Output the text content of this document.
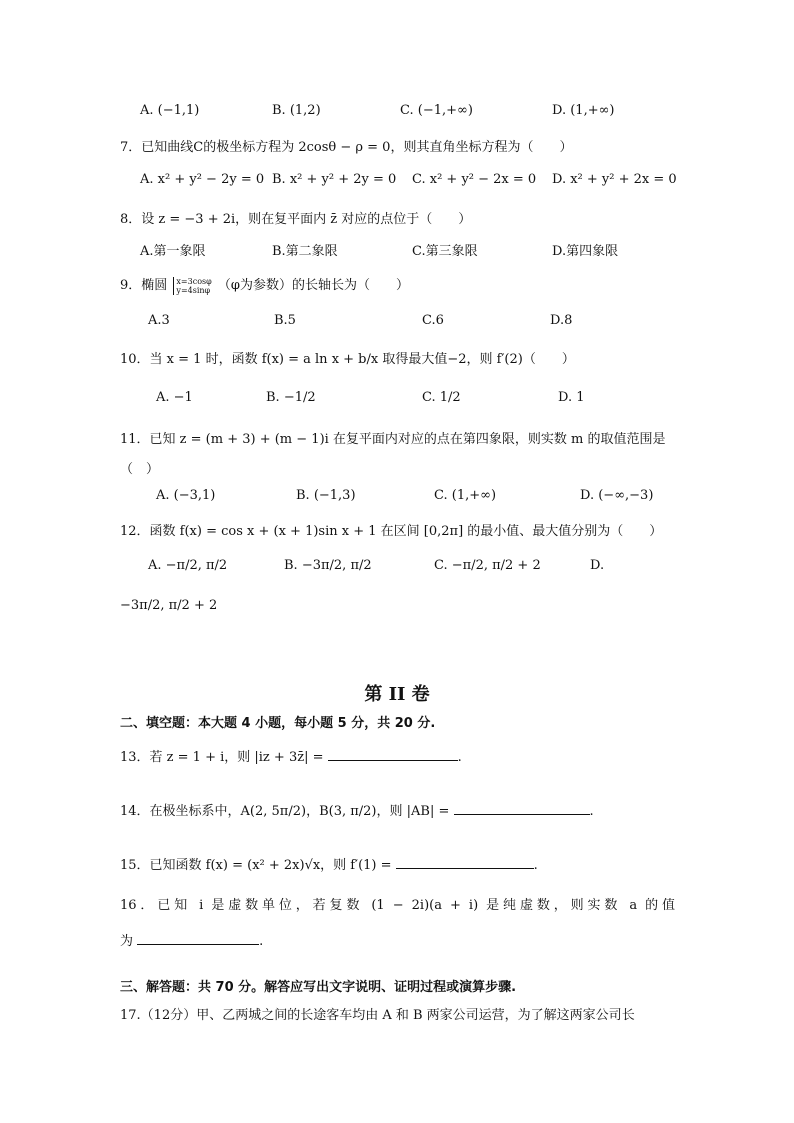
A. (−1,1)	B. (1,2)	C. (−1,+∞)	D. (1,+∞)
7．已知曲线C的极坐标方程为 2cosθ − ρ = 0，则其直角坐标方程为（　　）
A. x² + y² − 2y = 0 B. x² + y² + 2y = 0	C. x² + y² − 2x = 0	D. x² + y² + 2x = 0
8．设 z = −3 + 2i，则在复平面内 z̄ 对应的点位于（　　）
A.第一象限	B.第二象限	C.第三象限	D.第四象限
9．椭圆 x=3cosφ
y=4sinφ （φ为参数）的长轴长为（　　）
A.3	B.5	C.6	D.8
10．当 x = 1 时，函数 f(x) = a ln x + b/x 取得最大值−2，则 f′(2)（　　）
A. −1	B. −1/2	C. 1/2	D. 1
11．已知 z = (m + 3) + (m − 1)i 在复平面内对应的点在第四象限，则实数 m 的取值范围是
（　）
A. (−3,1)	B. (−1,3)	C. (1,+∞)	D. (−∞,−3)
12．函数 f(x) = cos x + (x + 1)sin x + 1 在区间 [0,2π] 的最小值、最大值分别为（　　）
A. −π/2, π/2	B. −3π/2, π/2	C. −π/2, π/2 + 2	D.
−3π/2, π/2 + 2
第 II 卷
二、填空题：本大题 4 小题，每小题 5 分，共 20 分.
13．若 z = 1 + i，则 |iz + 3z̄| =	.
14．在极坐标系中，A(2, 5π/2)，B(3, π/2)，则 |AB| =	.
15．已知函数 f(x) = (x² + 2x)√x，则 f′(1) =	.
16．已知 i 是虚数单位，若复数 (1 − 2i)(a + i) 是纯虚数，则实数 a 的值
为	.
三、解答题：共 70 分。解答应写出文字说明、证明过程或演算步骤.
17.（12分）甲、乙两城之间的长途客车均由 A 和 B 两家公司运营，为了解这两家公司长
